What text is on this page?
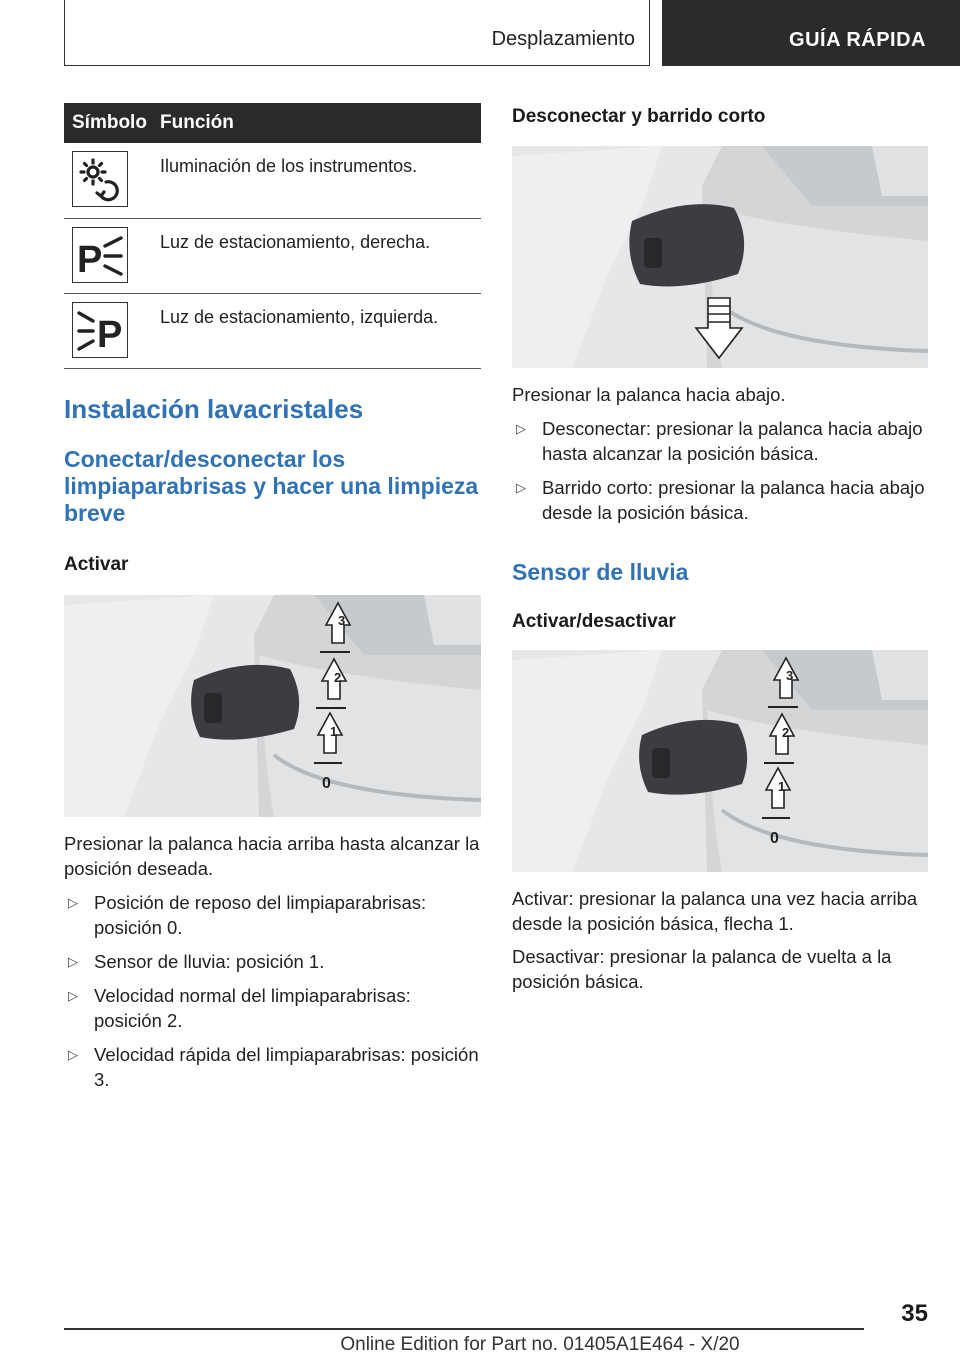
Desplazamiento	GUÍA RÁPIDA
Símbolo	Función

	Iluminación de los instrumentos.

P	Luz de estacionamiento, derecha.

P	Luz de estacionamiento, izquierda.
Instalación lavacristales
Conectar/desconectar los limpiaparabrisas y hacer una limpieza breve
Activar
3
2
1
0

Presionar la palanca hacia arriba hasta alcanzar la posición deseada.

▷ Posición de reposo del limpiaparabrisas: posición 0.
▷ Sensor de lluvia: posición 1.
▷ Velocidad normal del limpiaparabrisas: posición 2.
▷ Velocidad rápida del limpiaparabrisas: posición 3.
Desconectar y barrido corto

Presionar la palanca hacia abajo.

▷ Desconectar: presionar la palanca hacia abajo hasta alcanzar la posición básica.
▷ Barrido corto: presionar la palanca hacia abajo desde la posición básica.
Sensor de lluvia
Activar/desactivar
3
2
1
0

Activar: presionar la palanca una vez hacia arriba desde la posición básica, flecha 1.

Desactivar: presionar la palanca de vuelta a la posición básica.

35
Online Edition for Part no. 01405A1E464 - X/20
